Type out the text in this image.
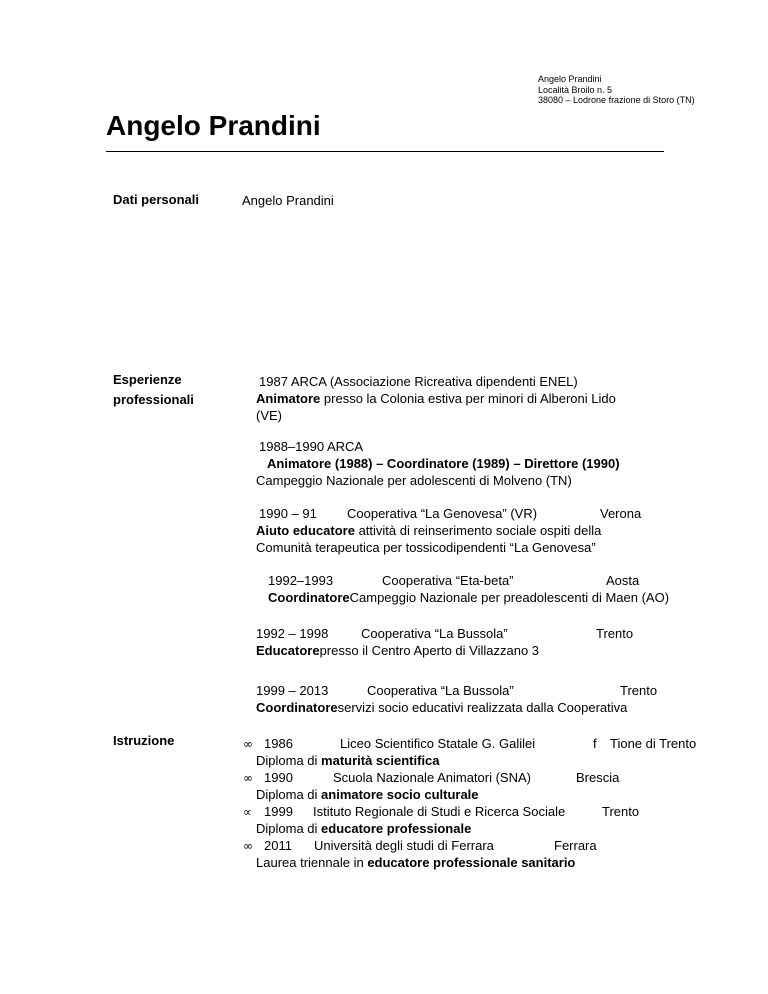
Angelo Prandini
Località Broilo n. 5
38080 – Lodrone frazione di Storo (TN)
Angelo Prandini
Dati personali	Angelo Prandini
Esperienze
professionali
1987 ARCA (Associazione Ricreativa dipendenti ENEL)
Animatore presso la Colonia estiva per minori di Alberoni Lido
(VE)
1988–1990 ARCA
Animatore (1988) – Coordinatore (1989) – Direttore (1990)
Campeggio Nazionale per adolescenti di Molveno (TN)
1990 – 91 Cooperativa “La Genovesa” (VR)	Verona
Aiuto educatore attività di reinserimento sociale ospiti della
Comunità terapeutica per tossicodipendenti “La Genovesa”
1992–1993	Cooperativa “Eta-beta”	Aosta
CoordinatoreCampeggio Nazionale per preadolescenti di Maen (AO)
1992 – 1998	Cooperativa “La Bussola”	Trento
Educatorepresso il Centro Aperto di Villazzano 3
1999 – 2013	Cooperativa “La Bussola”	Trento
Coordinatoreservizi socio educativi realizzata dalla Cooperativa
Istruzione	∞ 1986	Liceo Scientifico Statale G. Galilei	f Tione di Trento
Diploma di maturità scientifica
∞ 1990	Scuola Nazionale Animatori (SNA)	Brescia
Diploma di animatore socio culturale
∝ 1999 Istituto Regionale di Studi e Ricerca Sociale	Trento
Diploma di educatore professionale
∞ 2011 Università degli studi di Ferrara	Ferrara
Laurea triennale in educatore professionale sanitario
